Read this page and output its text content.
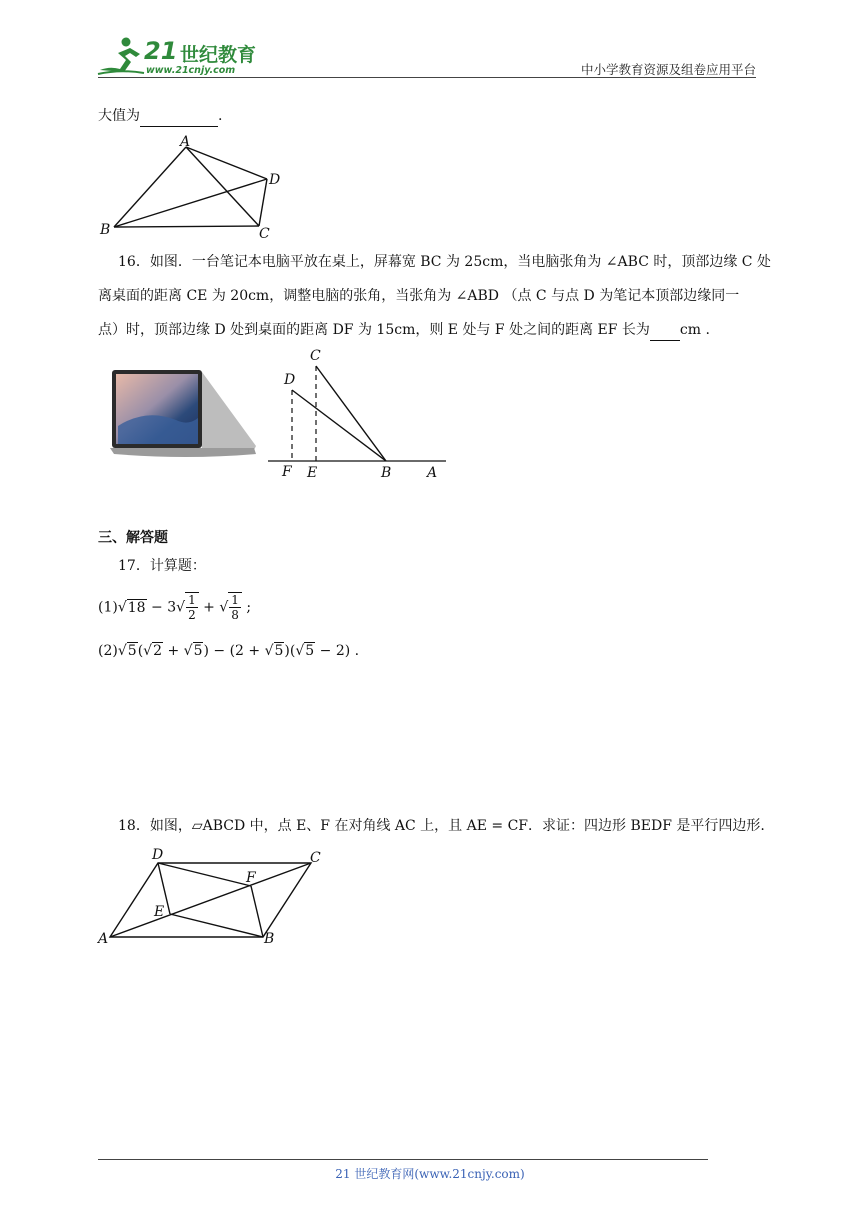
21 世纪教育
www.21cnjy.com	中小学教育资源及组卷应用平台
大值为	.
A
D
B	C
16．如图．一台笔记本电脑平放在桌上，屏幕宽 BC 为 25cm，当电脑张角为 ∠ABC 时，顶部边缘 C 处
离桌面的距离 CE 为 20cm，调整电脑的张角，当张角为 ∠ABD （点 C 与点 D 为笔记本顶部边缘同一
点）时，顶部边缘 D 处到桌面的距离 DF 为 15cm，则 E 处与 F 处之间的距离 EF 长为 cm .
C
D
F E	B	A
三、解答题
17．计算题：
$(1)√18 - 3√ \frac{1}{2}$ + √ $\frac{1}{8}$ ;
(2)√5(√2 + √5) − (2 + √5)(√5 − 2) .
18．如图，▱ABCD 中，点 E、F 在对角线 AC 上，且 AE = CF．求证：四边形 BEDF 是平行四边形.
D	C
F
E
A	B
21 世纪教育网(www.21cnjy.com)
